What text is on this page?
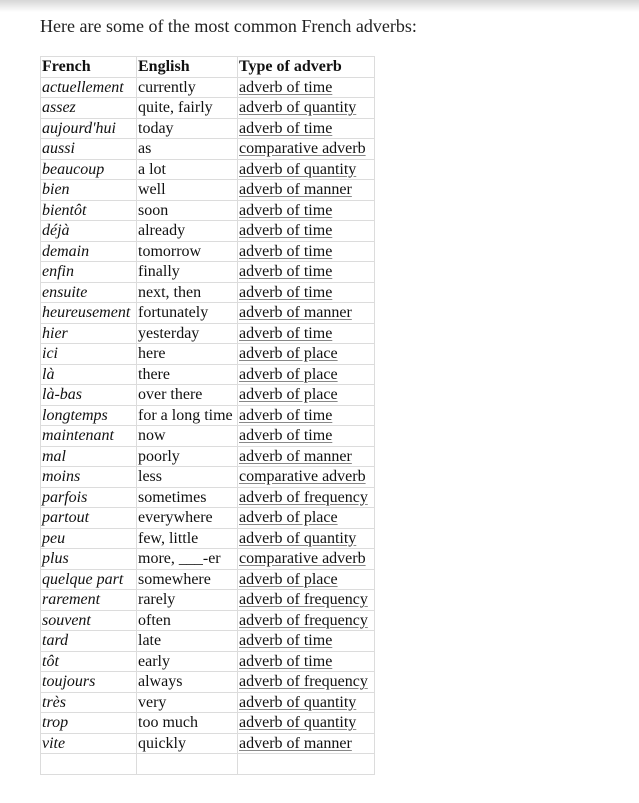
Here are some of the most common French adverbs:
French	English	Type of adverb
actuellement	currently	adverb of time
assez	quite, fairly	adverb of quantity
aujourd'hui	today	adverb of time
aussi	as	comparative adverb
beaucoup	a lot	adverb of quantity
bien	well	adverb of manner
bientôt	soon	adverb of time
déjà	already	adverb of time
demain	tomorrow	adverb of time
enfin	finally	adverb of time
ensuite	next, then	adverb of time
heureusement	fortunately	adverb of manner
hier	yesterday	adverb of time
ici	here	adverb of place
là	there	adverb of place
là-bas	over there	adverb of place
longtemps	for a long time	adverb of time
maintenant	now	adverb of time
mal	poorly	adverb of manner
moins	less	comparative adverb
parfois	sometimes	adverb of frequency
partout	everywhere	adverb of place
peu	few, little	adverb of quantity
plus	more, ___-er	comparative adverb
quelque part	somewhere	adverb of place
rarement	rarely	adverb of frequency
souvent	often	adverb of frequency
tard	late	adverb of time
tôt	early	adverb of time
toujours	always	adverb of frequency
très	very	adverb of quantity
trop	too much	adverb of quantity
vite	quickly	adverb of manner
